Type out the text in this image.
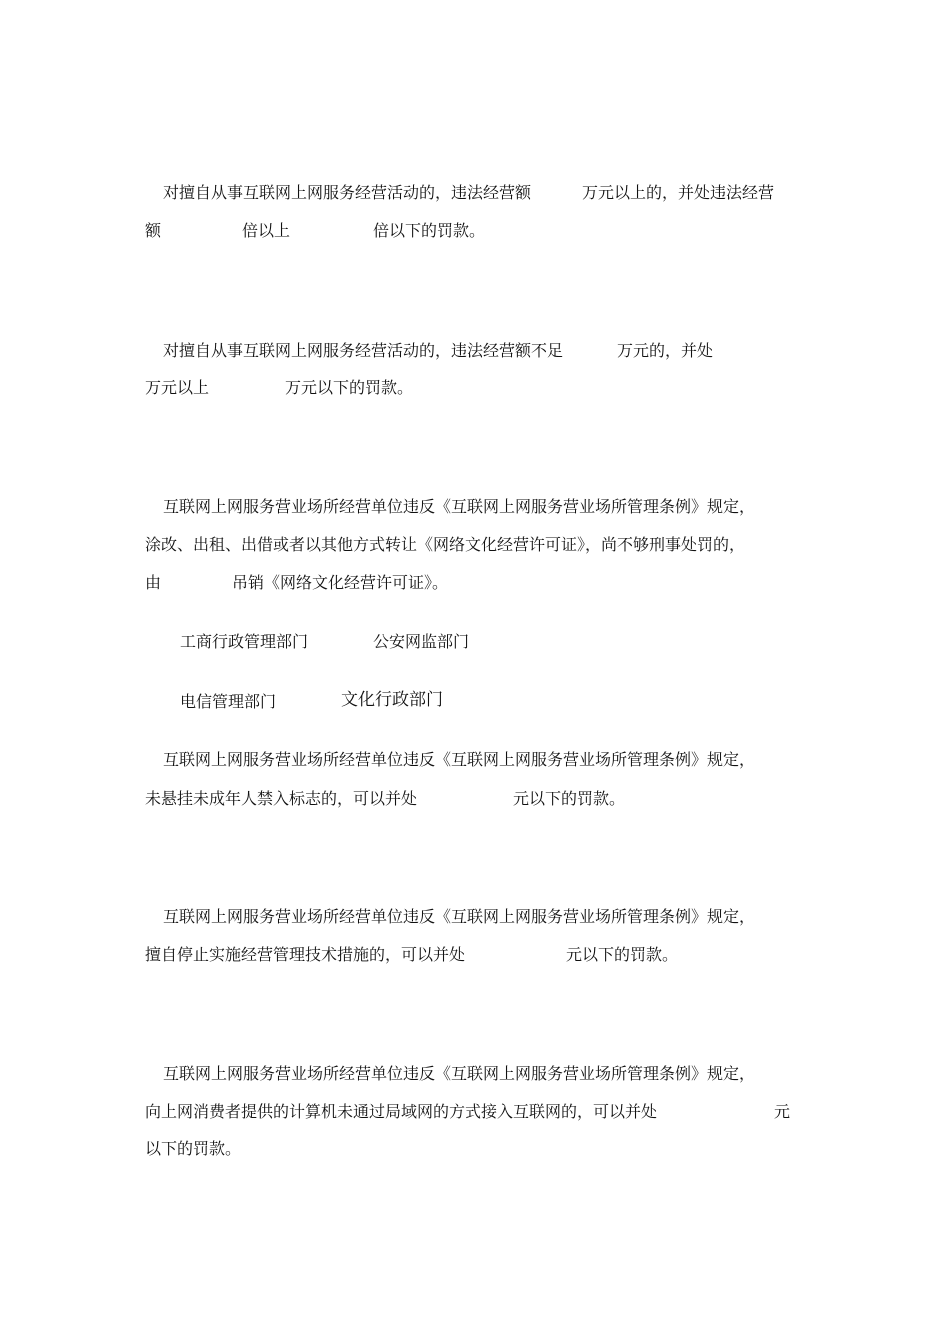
对擅自从事互联网上网服务经营活动的，违法经营额	万元以上的，并处违法经营
额	倍以上	倍以下的罚款。
对擅自从事互联网上网服务经营活动的，违法经营额不足	万元的，并处
万元以上	万元以下的罚款。
互联网上网服务营业场所经营单位违反《互联网上网服务营业场所管理条例》规定，
涂改、出租、出借或者以其他方式转让《网络文化经营许可证》，尚不够刑事处罚的，
由	吊销《网络文化经营许可证》。
工商行政管理部门	公安网监部门
电信管理部门	文化行政部门
互联网上网服务营业场所经营单位违反《互联网上网服务营业场所管理条例》规定，
未悬挂未成年人禁入标志的，可以并处	元以下的罚款。
互联网上网服务营业场所经营单位违反《互联网上网服务营业场所管理条例》规定，
擅自停止实施经营管理技术措施的，可以并处	元以下的罚款。
互联网上网服务营业场所经营单位违反《互联网上网服务营业场所管理条例》规定，
向上网消费者提供的计算机未通过局域网的方式接入互联网的，可以并处	元
以下的罚款。
